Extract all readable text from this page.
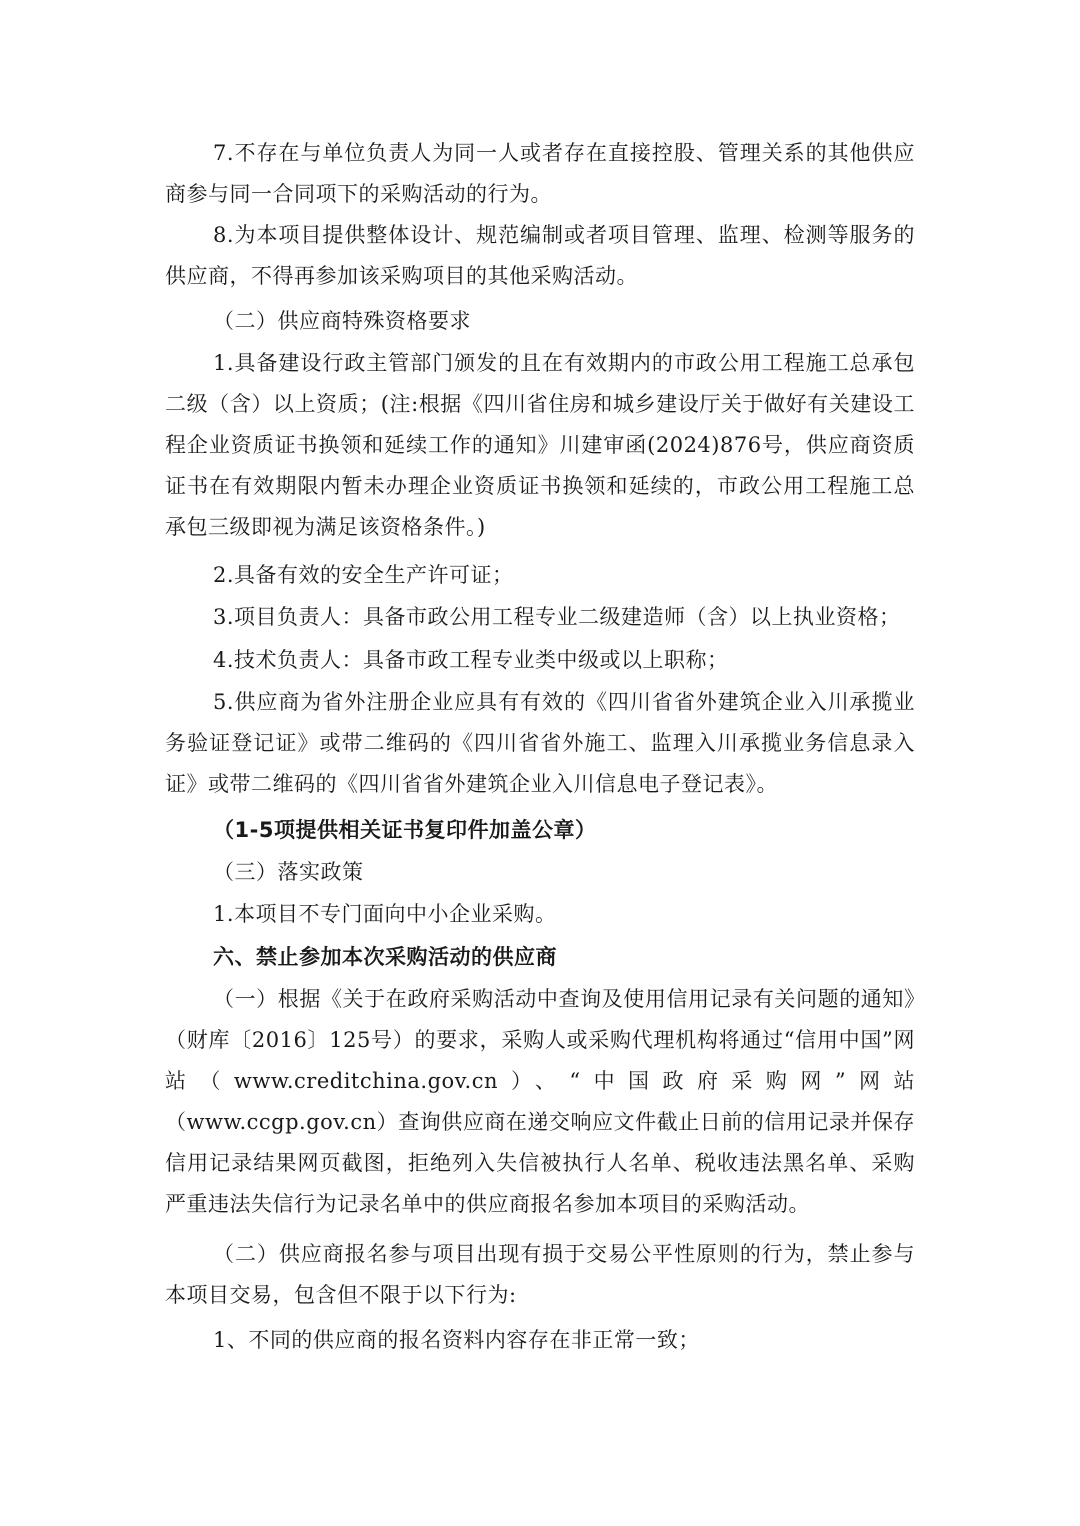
7.不存在与单位负责人为同一人或者存在直接控股、管理关系的其他供应商参与同一合同项下的采购活动的行为。

8.为本项目提供整体设计、规范编制或者项目管理、监理、检测等服务的供应商，不得再参加该采购项目的其他采购活动。

（二）供应商特殊资格要求

1.具备建设行政主管部门颁发的且在有效期内的市政公用工程施工总承包二级（含）以上资质；(注:根据《四川省住房和城乡建设厅关于做好有关建设工程企业资质证书换领和延续工作的通知》川建审函(2024)876号，供应商资质证书在有效期限内暂未办理企业资质证书换领和延续的，市政公用工程施工总承包三级即视为满足该资格条件。)

2.具备有效的安全生产许可证；

3.项目负责人：具备市政公用工程专业二级建造师（含）以上执业资格；

4.技术负责人：具备市政工程专业类中级或以上职称；

5.供应商为省外注册企业应具有有效的《四川省省外建筑企业入川承揽业务验证登记证》或带二维码的《四川省省外施工、监理入川承揽业务信息录入证》或带二维码的《四川省省外建筑企业入川信息电子登记表》。

（1-5项提供相关证书复印件加盖公章）

（三）落实政策

1.本项目不专门面向中小企业采购。

六、禁止参加本次采购活动的供应商

（一）根据《关于在政府采购活动中查询及使用信用记录有关问题的通知》（财库〔2016〕125号）的要求，采购人或采购代理机构将通过“信用中国”网站（www.creditchina.gov.cn）、“中国政府采购网”网站（www.ccgp.gov.cn）查询供应商在递交响应文件截止日前的信用记录并保存信用记录结果网页截图，拒绝列入失信被执行人名单、税收违法黑名单、采购严重违法失信行为记录名单中的供应商报名参加本项目的采购活动。

（二）供应商报名参与项目出现有损于交易公平性原则的行为，禁止参与本项目交易，包含但不限于以下行为:

1、不同的供应商的报名资料内容存在非正常一致；
